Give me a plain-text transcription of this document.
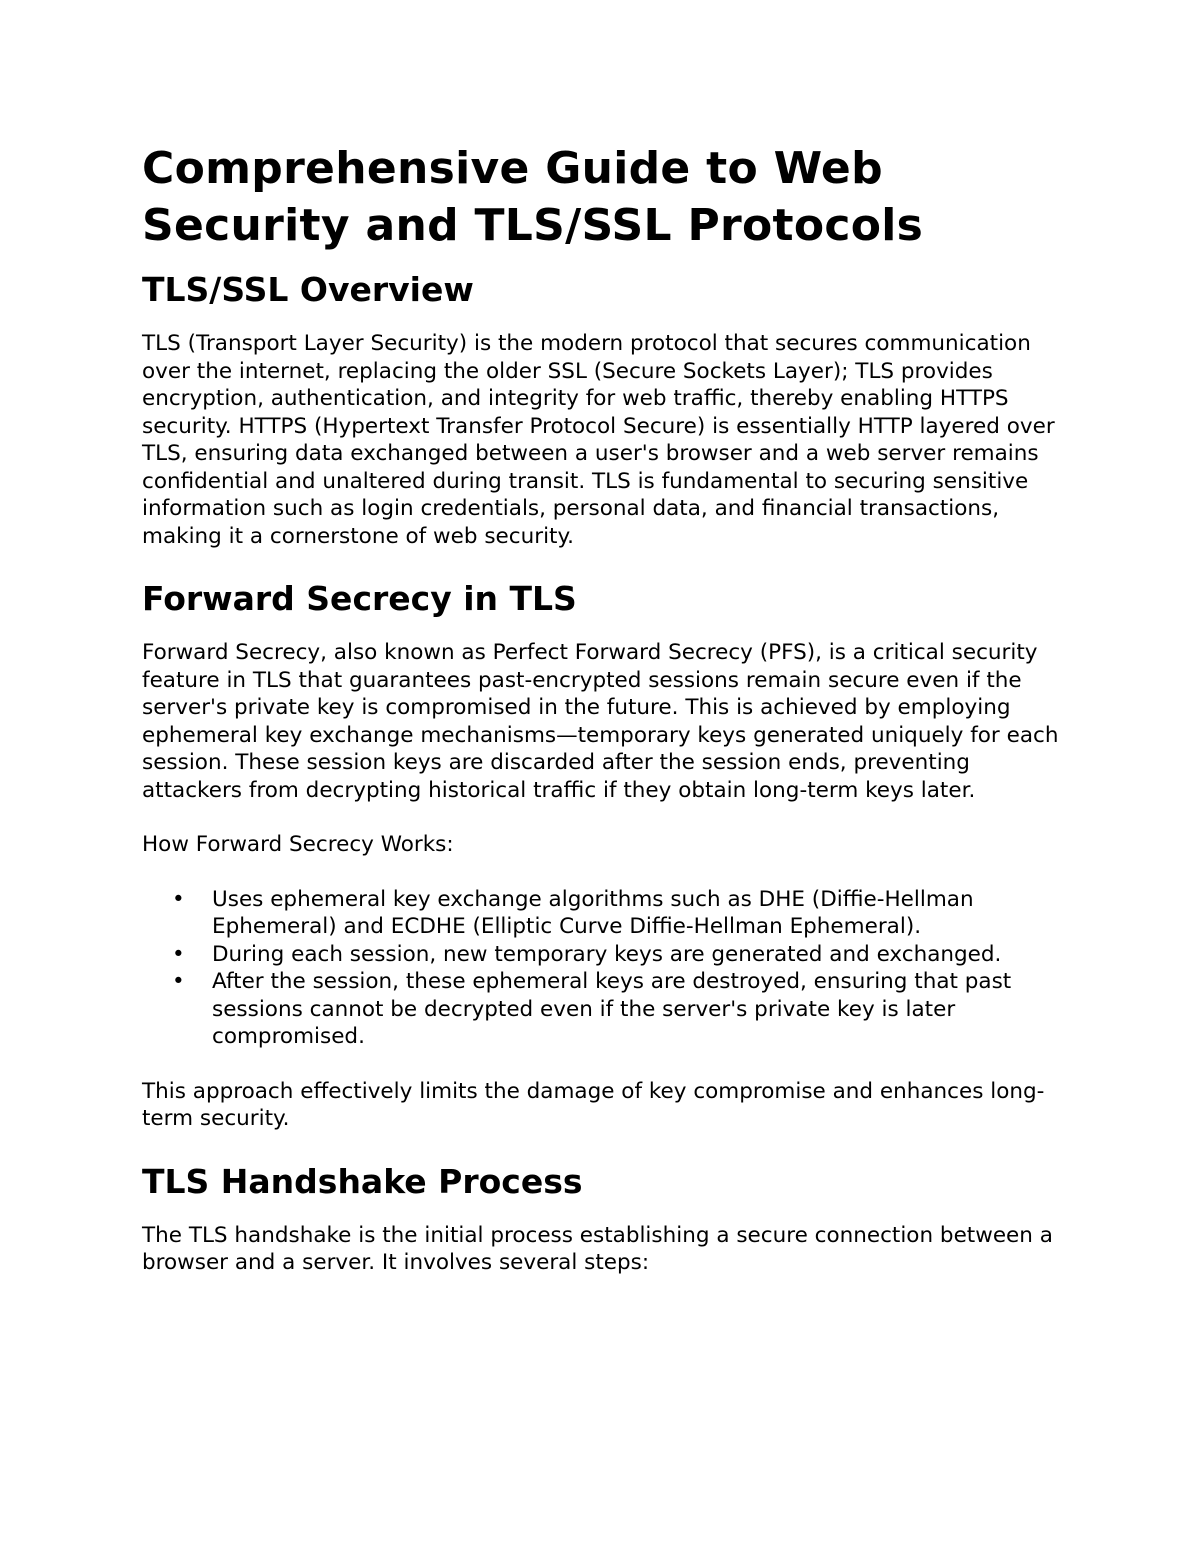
Comprehensive Guide to Web Security and TLS/SSL Protocols
TLS/SSL Overview

TLS (Transport Layer Security) is the modern protocol that secures communication over the internet, replacing the older SSL (Secure Sockets Layer); TLS provides encryption, authentication, and integrity for web traffic, thereby enabling HTTPS security. HTTPS (Hypertext Transfer Protocol Secure) is essentially HTTP layered over TLS, ensuring data exchanged between a user's browser and a web server remains confidential and unaltered during transit. TLS is fundamental to securing sensitive information such as login credentials, personal data, and financial transactions, making it a cornerstone of web security.

Forward Secrecy in TLS

Forward Secrecy, also known as Perfect Forward Secrecy (PFS), is a critical security feature in TLS that guarantees past-encrypted sessions remain secure even if the server's private key is compromised in the future. This is achieved by employing ephemeral key exchange mechanisms—temporary keys generated uniquely for each session. These session keys are discarded after the session ends, preventing attackers from decrypting historical traffic if they obtain long-term keys later.

How Forward Secrecy Works:

• Uses ephemeral key exchange algorithms such as DHE (Diffie-Hellman Ephemeral) and ECDHE (Elliptic Curve Diffie-Hellman Ephemeral).
• During each session, new temporary keys are generated and exchanged.
• After the session, these ephemeral keys are destroyed, ensuring that past sessions cannot be decrypted even if the server's private key is later compromised.

This approach effectively limits the damage of key compromise and enhances long-term security.

TLS Handshake Process

The TLS handshake is the initial process establishing a secure connection between a browser and a server. It involves several steps:
